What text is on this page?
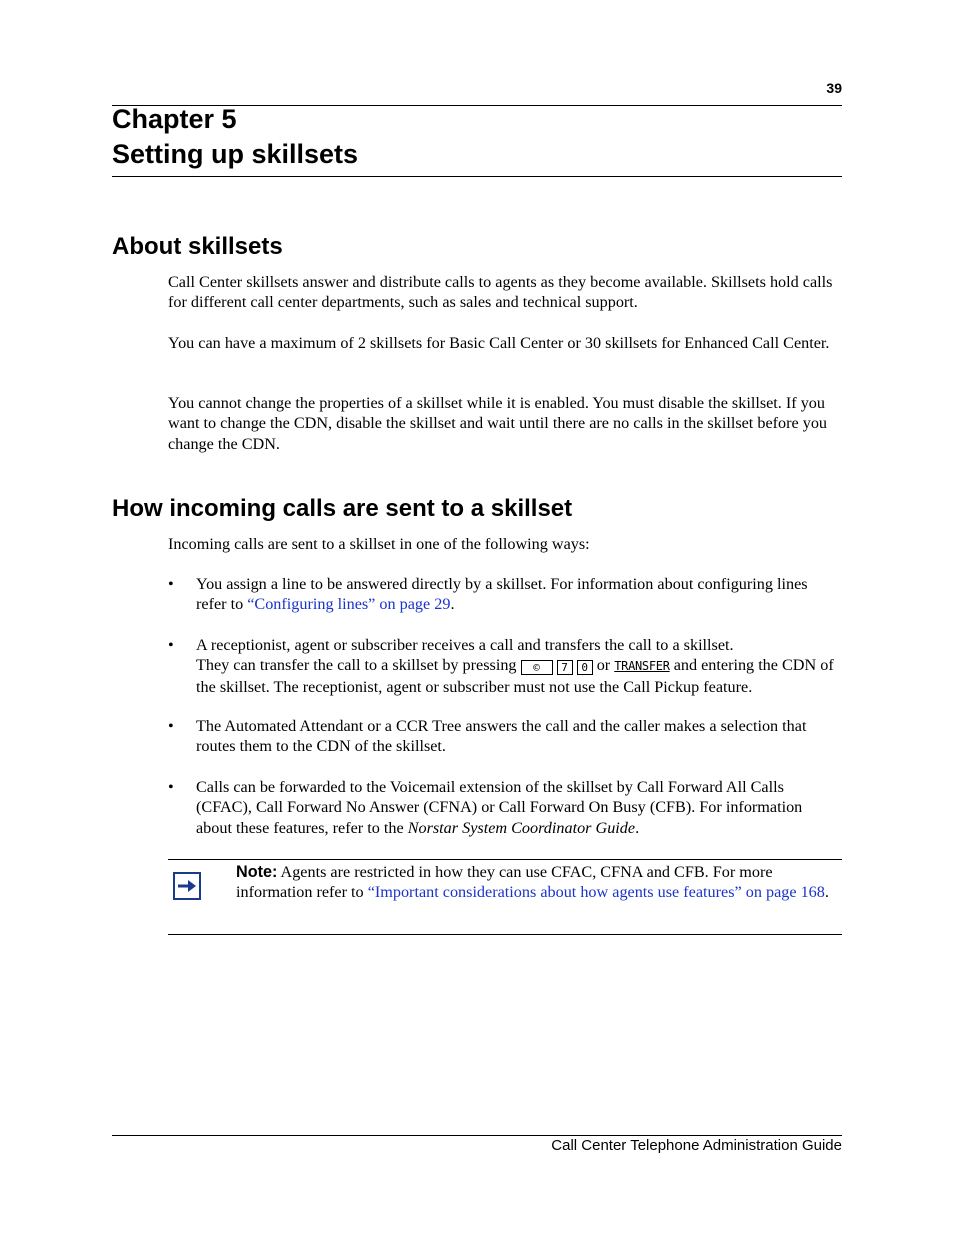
39
Chapter 5
Setting up skillsets
About skillsets

Call Center skillsets answer and distribute calls to agents as they become available. Skillsets hold calls for different call center departments, such as sales and technical support.

You can have a maximum of 2 skillsets for Basic Call Center or 30 skillsets for Enhanced Call Center.

You cannot change the properties of a skillset while it is enabled. You must disable the skillset. If you want to change the CDN, disable the skillset and wait until there are no calls in the skillset before you change the CDN.

How incoming calls are sent to a skillset

Incoming calls are sent to a skillset in one of the following ways:

• You assign a line to be answered directly by a skillset. For information about configuring lines refer to “Configuring lines” on page 29.
• A receptionist, agent or subscriber receives a call and transfers the call to a skillset.
They can transfer the call to a skillset by pressing © 7 0 or TRANSFER and entering the CDN of the skillset. The receptionist, agent or subscriber must not use the Call Pickup feature.
• The Automated Attendant or a CCR Tree answers the call and the caller makes a selection that routes them to the CDN of the skillset.
• Calls can be forwarded to the Voicemail extension of the skillset by Call Forward All Calls (CFAC), Call Forward No Answer (CFNA) or Call Forward On Busy (CFB). For information about these features, refer to the Norstar System Coordinator Guide.
Note: Agents are restricted in how they can use CFAC, CFNA and CFB. For more information refer to “Important considerations about how agents use features” on page 168.
Call Center Telephone Administration Guide
